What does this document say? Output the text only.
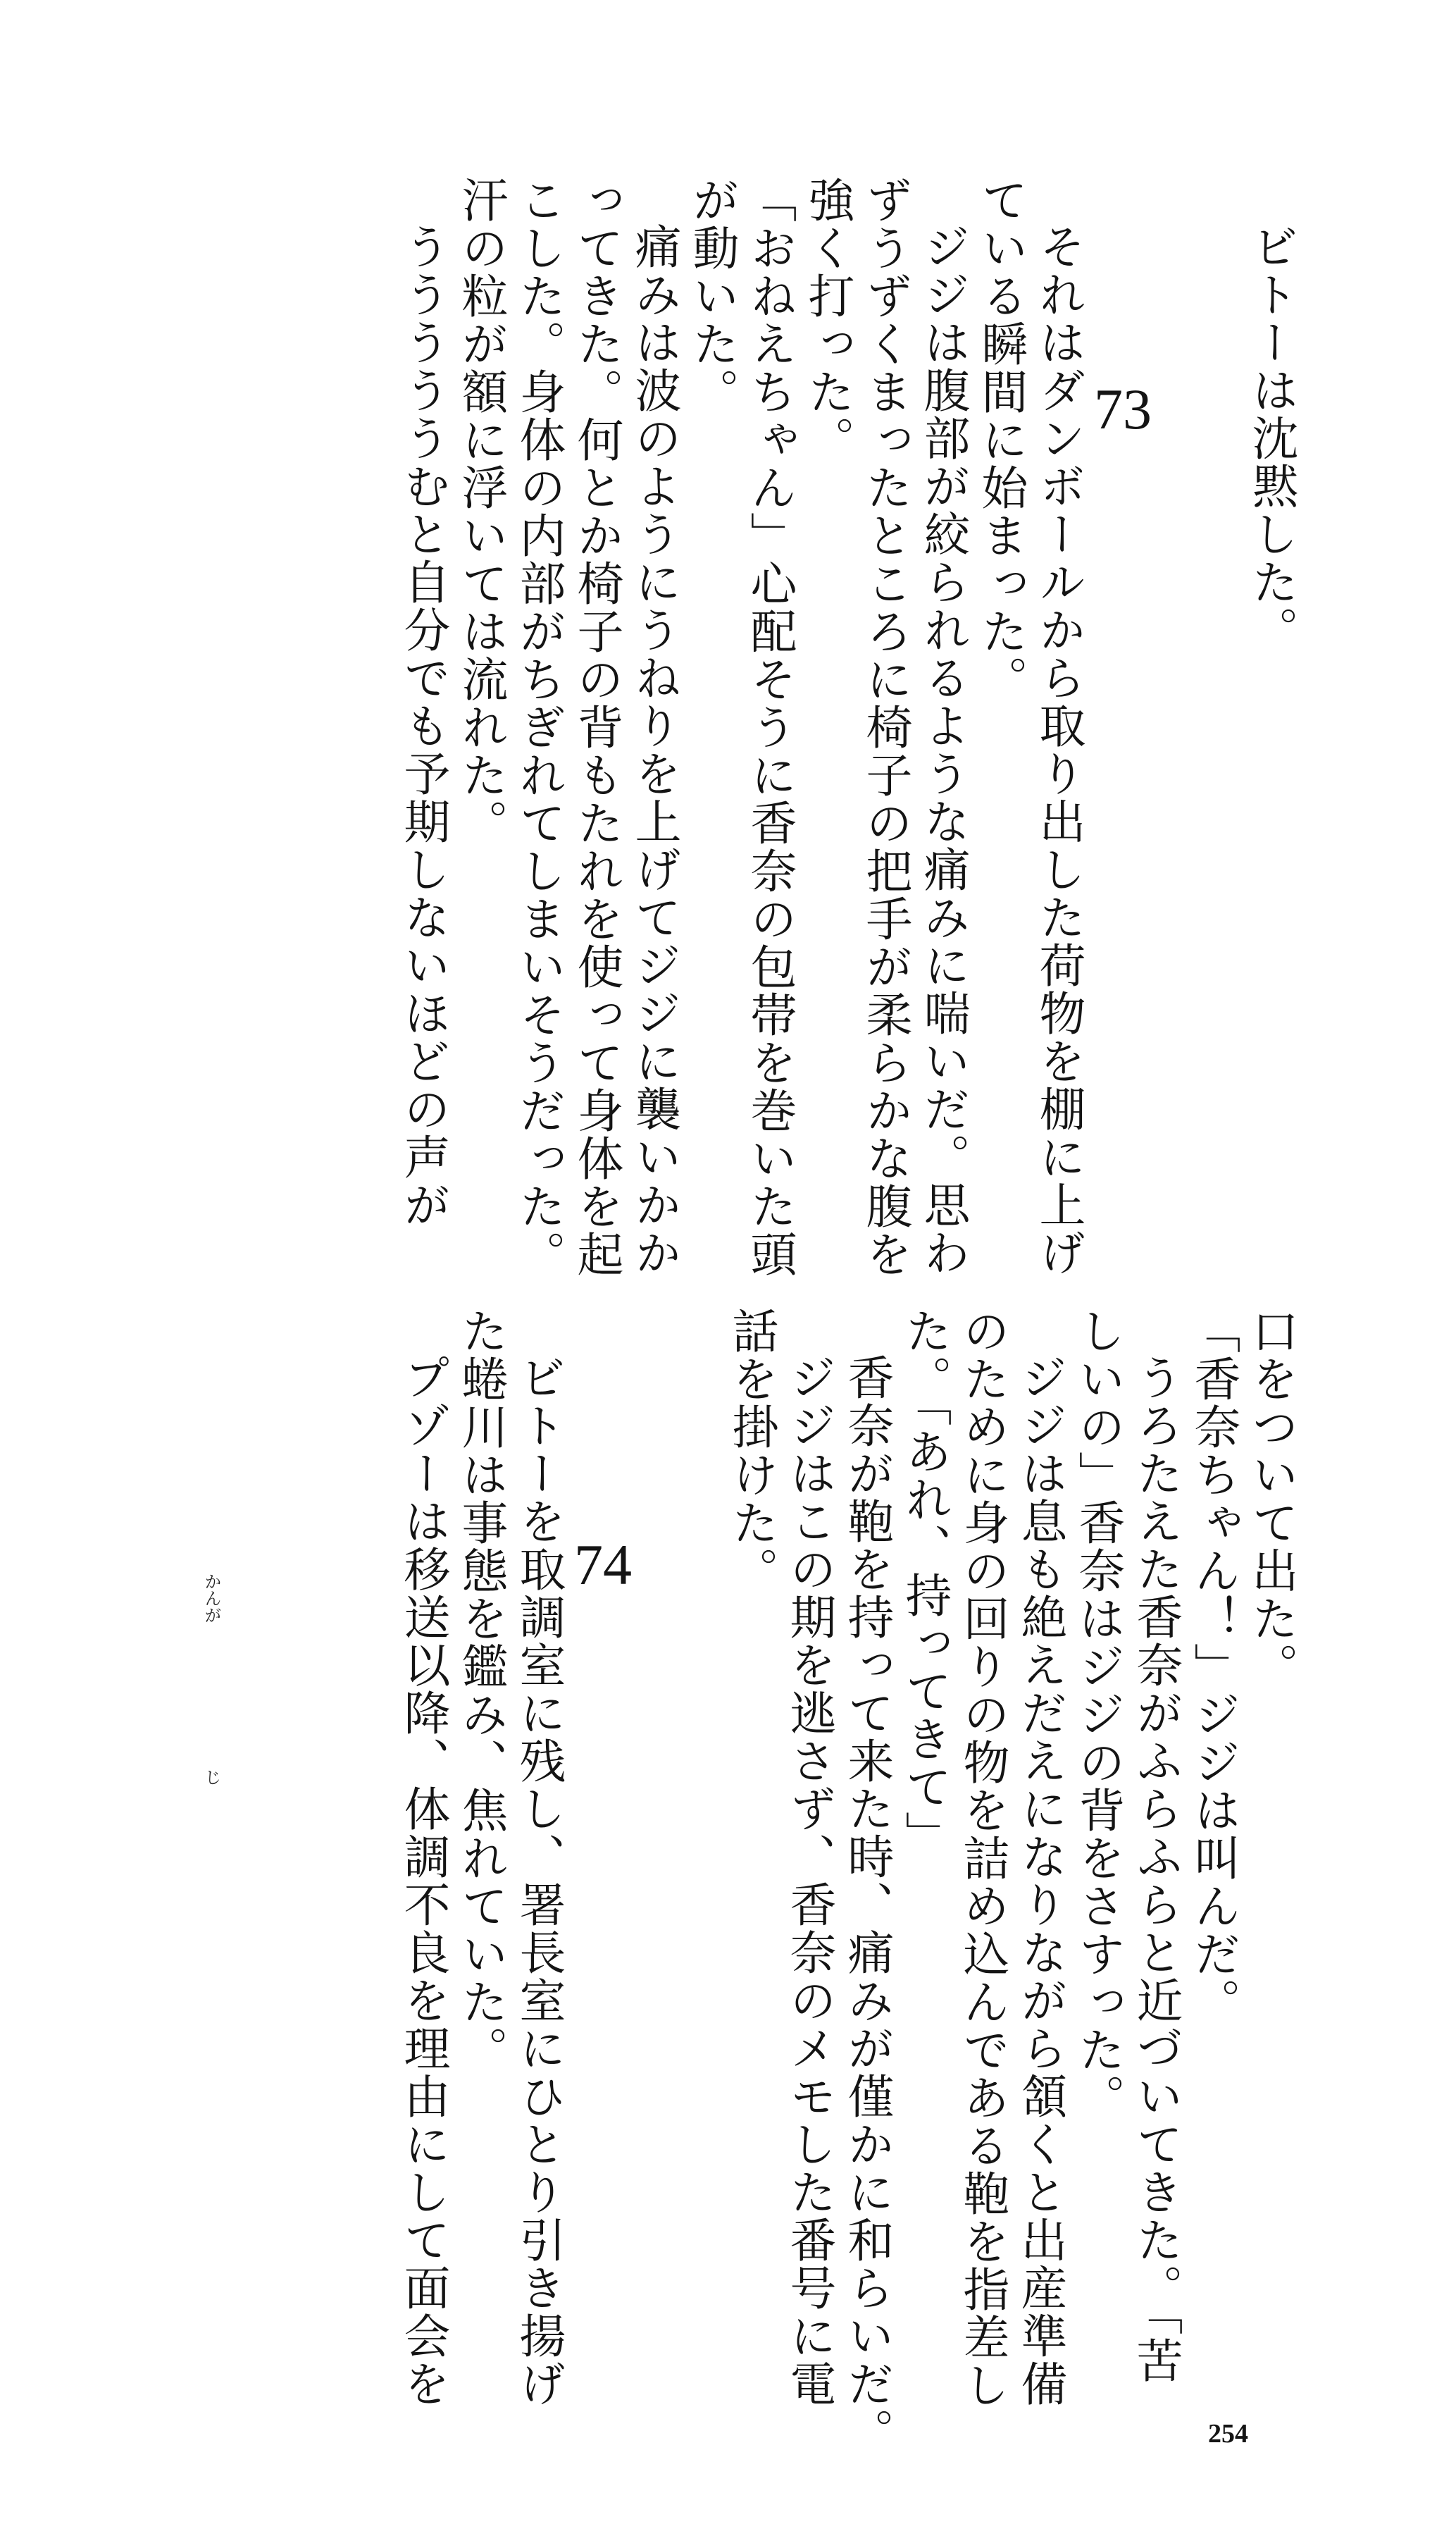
ビトーは沈黙した。
73
それはダンボールから取り出した荷物を棚に上げ
ている瞬間に始まった。
ジジは腹部が絞られるような痛みに喘いだ。思わ
ずうずくまったところに椅子の把手が柔らかな腹を
強く打った。
「おねえちゃん」心配そうに香奈の包帯を巻いた頭
が動いた。
痛みは波のようにうねりを上げてジジに襲いかか
ってきた。何とか椅子の背もたれを使って身体を起
こした。身体の内部がちぎれてしまいそうだった。
汗の粒が額に浮いては流れた。
うううううむと自分でも予期しないほどの声が
口をついて出た。
「香奈ちゃん！」ジジは叫んだ。
うろたえた香奈がふらふらと近づいてきた。「苦
しいの」香奈はジジの背をさすった。
ジジは息も絶えだえになりながら頷くと出産準備
のために身の回りの物を詰め込んである鞄を指差し
た。「あれ、持ってきて」
香奈が鞄を持って来た時、痛みが僅かに和らいだ。
ジジはこの期を逃さず、香奈のメモした番号に電
話を掛けた。
74
ビトーを取調室に残し、署長室にひとり引き揚げ
た蜷川は事態を鑑み、焦れていた。
プゾーは移送以降、体調不良を理由にして面会を
かんが
じ
254
